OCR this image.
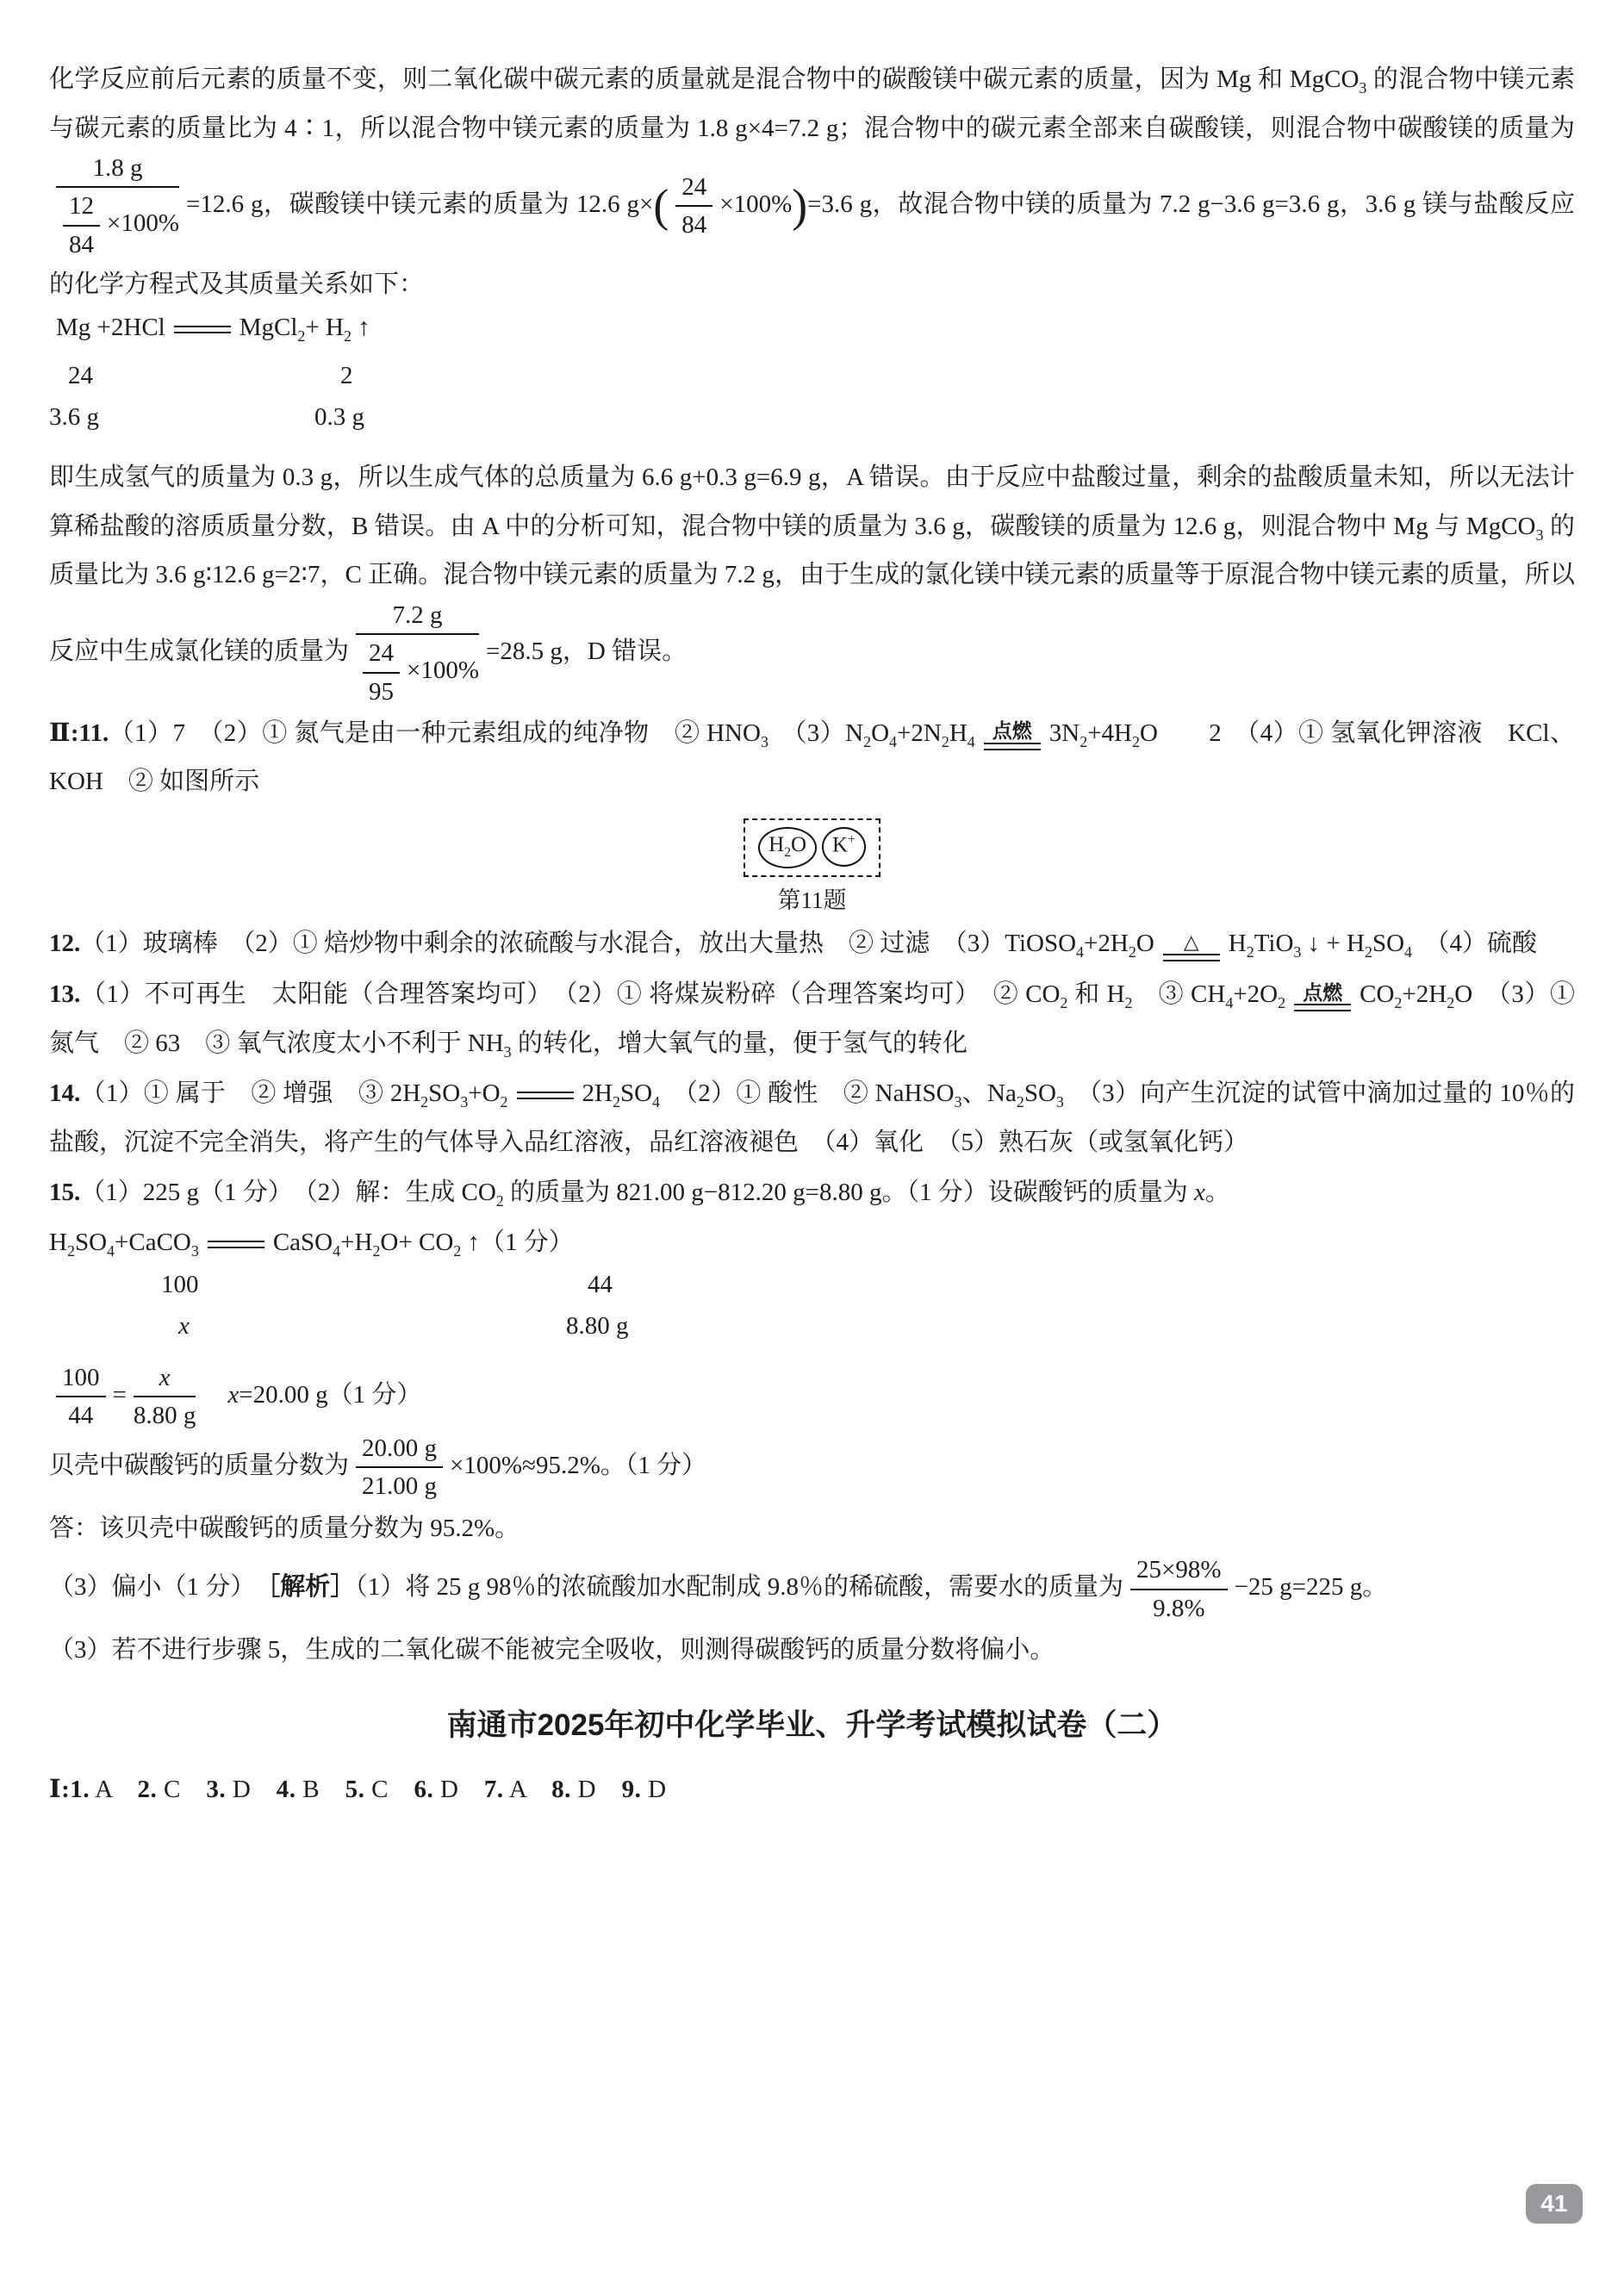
化学反应前后元素的质量不变，则二氧化碳中碳元素的质量就是混合物中的碳酸镁中碳元素的质量，因为 Mg 和 MgCO$_3$ 的混合物中镁元素与碳元素的质量比为 4∶1，所以混合物中镁元素的质量为 1.8 g×4=7.2 g；混合物中的碳元素全部来自碳酸镁，则混合物中碳酸镁的质量为
$\frac{1.8 g}{\frac{12}{84} \times 100\%} =12.6$ g，碳酸镁中镁元素的质量为 12.6 $g\times( \frac{24}{84} \times 100\%)=3.6$ g，故混合物中镁的质量为 7.2 g−3.6 g=3.6 g，3.6 g 镁与盐酸反应的化学方程式及其质量关系如下：
Mg +2HCl	MgCl$_2$+ $H_2$ ↑
24	2
3.6 g	0.3 g
即生成氢气的质量为 0.3 g，所以生成气体的总质量为 6.6 g+0.3 g=6.9 g，A 错误。由于反应中盐酸过量，剩余的盐酸质量未知，所以无法计算稀盐酸的溶质质量分数，B 错误。由 A 中的分析可知，混合物中镁的质量为 3.6 g，碳酸镁的质量为 12.6 g，则混合物中 Mg 与 MgCO$_3$ 的质量比为 3.6 g∶12.6 g=2∶7，C 正确。混合物中镁元素的质量为 7.2 g，由于生成的氯化镁中镁元素的质量等于原混合物中镁元素的质量，所以反应中生成氯化镁的质量为 $\frac{7.2 g}{\frac{24}{95} \times 100\%} =28.5$ g，D 错误。
Ⅱ:11.（1）7　（2）① 氮气是由一种元素组成的纯净物　② $HNO_3$　$(3)N_2O_4+2N_2H_4$ 点燃 $3N_2+4H_2O$　　2　（4）① 氢氧化钾溶液　KCl、KOH　② 如图所示
$H_2O$ K+
第11题
12.（1）玻璃棒　（2）① 焙炒物中剩余的浓硫酸与水混合，放出大量热　② 过滤　$(3)TiOSO_4+2H_2O$ △ $H_2TiO_3$ ↓ + $H_2SO_4$　（4）硫酸
13.（1）不可再生　太阳能（合理答案均可）　（2）① 将煤炭粉碎（合理答案均可）　② $CO_2$ 和 $H_2$　③ $CH_4+2O_2$ 点燃 $CO_2+2H_2O$　（3）① 氮气　② 63　③ 氧气浓度太小不利于 $NH_3$ 的转化，增大氧气的量，便于氢气的转化
14.（1）① 属于　② 增强　③ $2H_2SO_3+O_2$	$2H_2SO_4$　（2）① 酸性　② NaHSO$_3$、$Na_2SO_3$　（3）向产生沉淀的试管中滴加过量的 10％的盐酸，沉淀不完全消失，将产生的气体导入品红溶液，品红溶液褪色　（4）氧化　（5）熟石灰（或氢氧化钙）
15.（1）225 g（1 分）　（2）解：生成 $CO_2$ 的质量为 821.00 g−812.20 g=8.80 g。（1 分）设碳酸钙的质量为 x。
$H_2SO_4+CaCO_3$	$CaSO_4+H_2O+ CO_2$ ↑（1 分）
100	44
x	8.80 g
$\frac{100}{44} = \frac{x}{8.80 g}$
　 x=20.00 g（1 分）
贝壳中碳酸钙的质量分数为 $\frac{20.00 g}{21.00 g} \times 100\%\approx 95.2\%$。（1 分）
答：该贝壳中碳酸钙的质量分数为 95.2%。
（3）偏小（1 分）　［解析］（1）将 25 g 98％的浓硫酸加水配制成 9.8％的稀硫酸，需要水的质量为 $\frac{25\times 98\%}{9.8\%} -25$ g=225 g。
（3）若不进行步骤 5，生成的二氧化碳不能被完全吸收，则测得碳酸钙的质量分数将偏小。
南通市2025年初中化学毕业、升学考试模拟试卷（二）
Ⅰ:1. A　2. C　3. D　4. B　5. C　6. D　7. A　8. D　9. D
41
